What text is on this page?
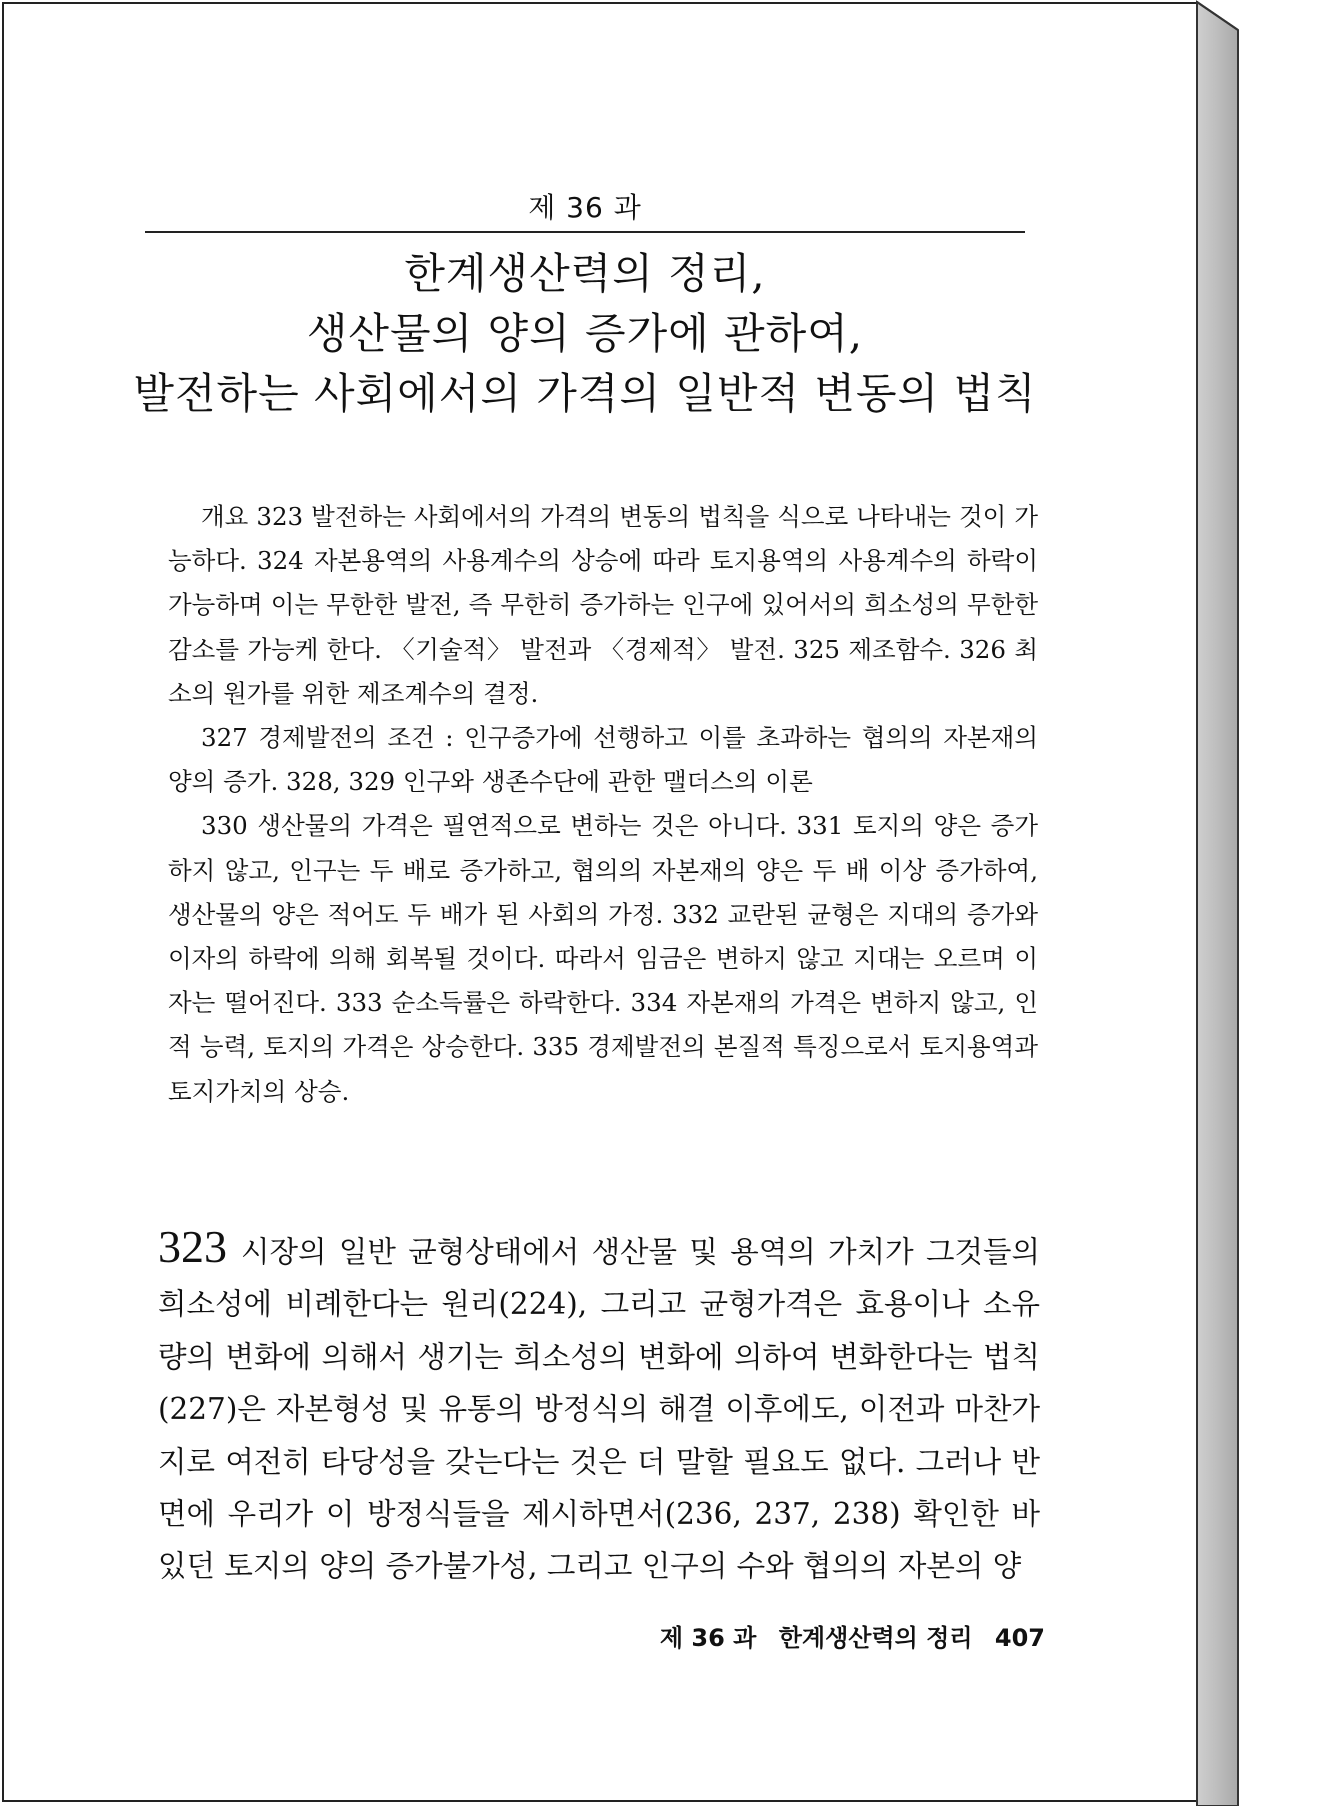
제 36 과
한계생산력의 정리,
생산물의 양의 증가에 관하여,
발전하는 사회에서의 가격의 일반적 변동의 법칙

개요 323 발전하는 사회에서의 가격의 변동의 법칙을 식으로 나타내는 것이 가능하다. 324 자본용역의 사용계수의 상승에 따라 토지용역의 사용계수의 하락이 가능하며 이는 무한한 발전, 즉 무한히 증가하는 인구에 있어서의 희소성의 무한한 감소를 가능케 한다. 〈기술적〉 발전과 〈경제적〉 발전. 325 제조함수. 326 최소의 원가를 위한 제조계수의 결정.

327 경제발전의 조건 : 인구증가에 선행하고 이를 초과하는 협의의 자본재의 양의 증가. 328, 329 인구와 생존수단에 관한 맬더스의 이론

330 생산물의 가격은 필연적으로 변하는 것은 아니다. 331 토지의 양은 증가하지 않고, 인구는 두 배로 증가하고, 협의의 자본재의 양은 두 배 이상 증가하여, 생산물의 양은 적어도 두 배가 된 사회의 가정. 332 교란된 균형은 지대의 증가와 이자의 하락에 의해 회복될 것이다. 따라서 임금은 변하지 않고 지대는 오르며 이자는 떨어진다. 333 순소득률은 하락한다. 334 자본재의 가격은 변하지 않고, 인적 능력, 토지의 가격은 상승한다. 335 경제발전의 본질적 특징으로서 토지용역과 토지가치의 상승.

323 시장의 일반 균형상태에서 생산물 및 용역의 가치가 그것들의 희소성에 비례한다는 원리(224), 그리고 균형가격은 효용이나 소유량의 변화에 의해서 생기는 희소성의 변화에 의하여 변화한다는 법칙(227)은 자본형성 및 유통의 방정식의 해결 이후에도, 이전과 마찬가지로 여전히 타당성을 갖는다는 것은 더 말할 필요도 없다. 그러나 반면에 우리가 이 방정식들을 제시하면서(236, 237, 238) 확인한 바 있던 토지의 양의 증가불가성, 그리고 인구의 수와 협의의 자본의 양

제 36 과 한계생산력의 정리 407
